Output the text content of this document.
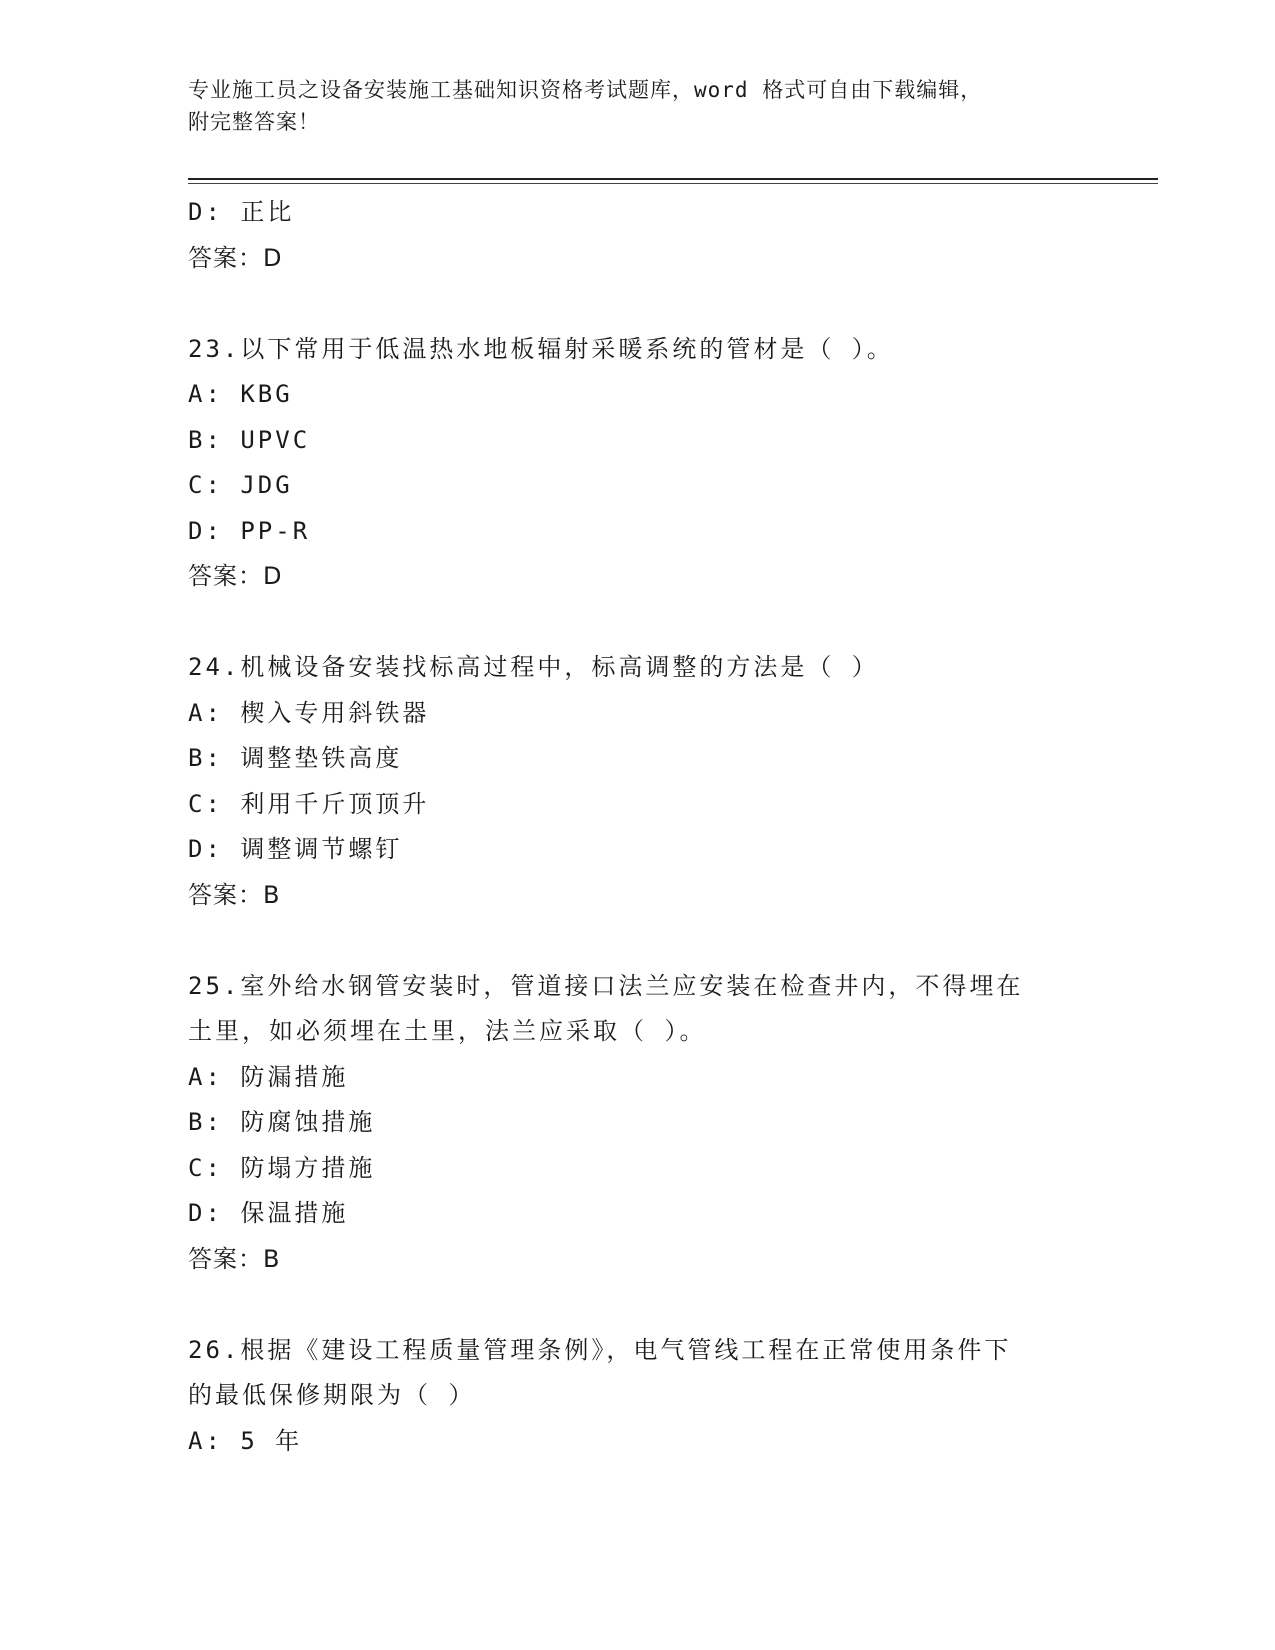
专业施工员之设备安装施工基础知识资格考试题库，word 格式可自由下载编辑，
附完整答案！
D: 正比
答案：D
23.以下常用于低温热水地板辐射采暖系统的管材是（ ）。
A: KBG
B: UPVC
C: JDG
D: PP-R
答案：D
24.机械设备安装找标高过程中，标高调整的方法是（ ）
A: 楔入专用斜铁器
B: 调整垫铁高度
C: 利用千斤顶顶升
D: 调整调节螺钉
答案：B
25.室外给水钢管安装时，管道接口法兰应安装在检查井内，不得埋在
土里，如必须埋在土里，法兰应采取（ ）。
A: 防漏措施
B: 防腐蚀措施
C: 防塌方措施
D: 保温措施
答案：B
26.根据《建设工程质量管理条例》，电气管线工程在正常使用条件下
的最低保修期限为（ ）
A: 5 年
